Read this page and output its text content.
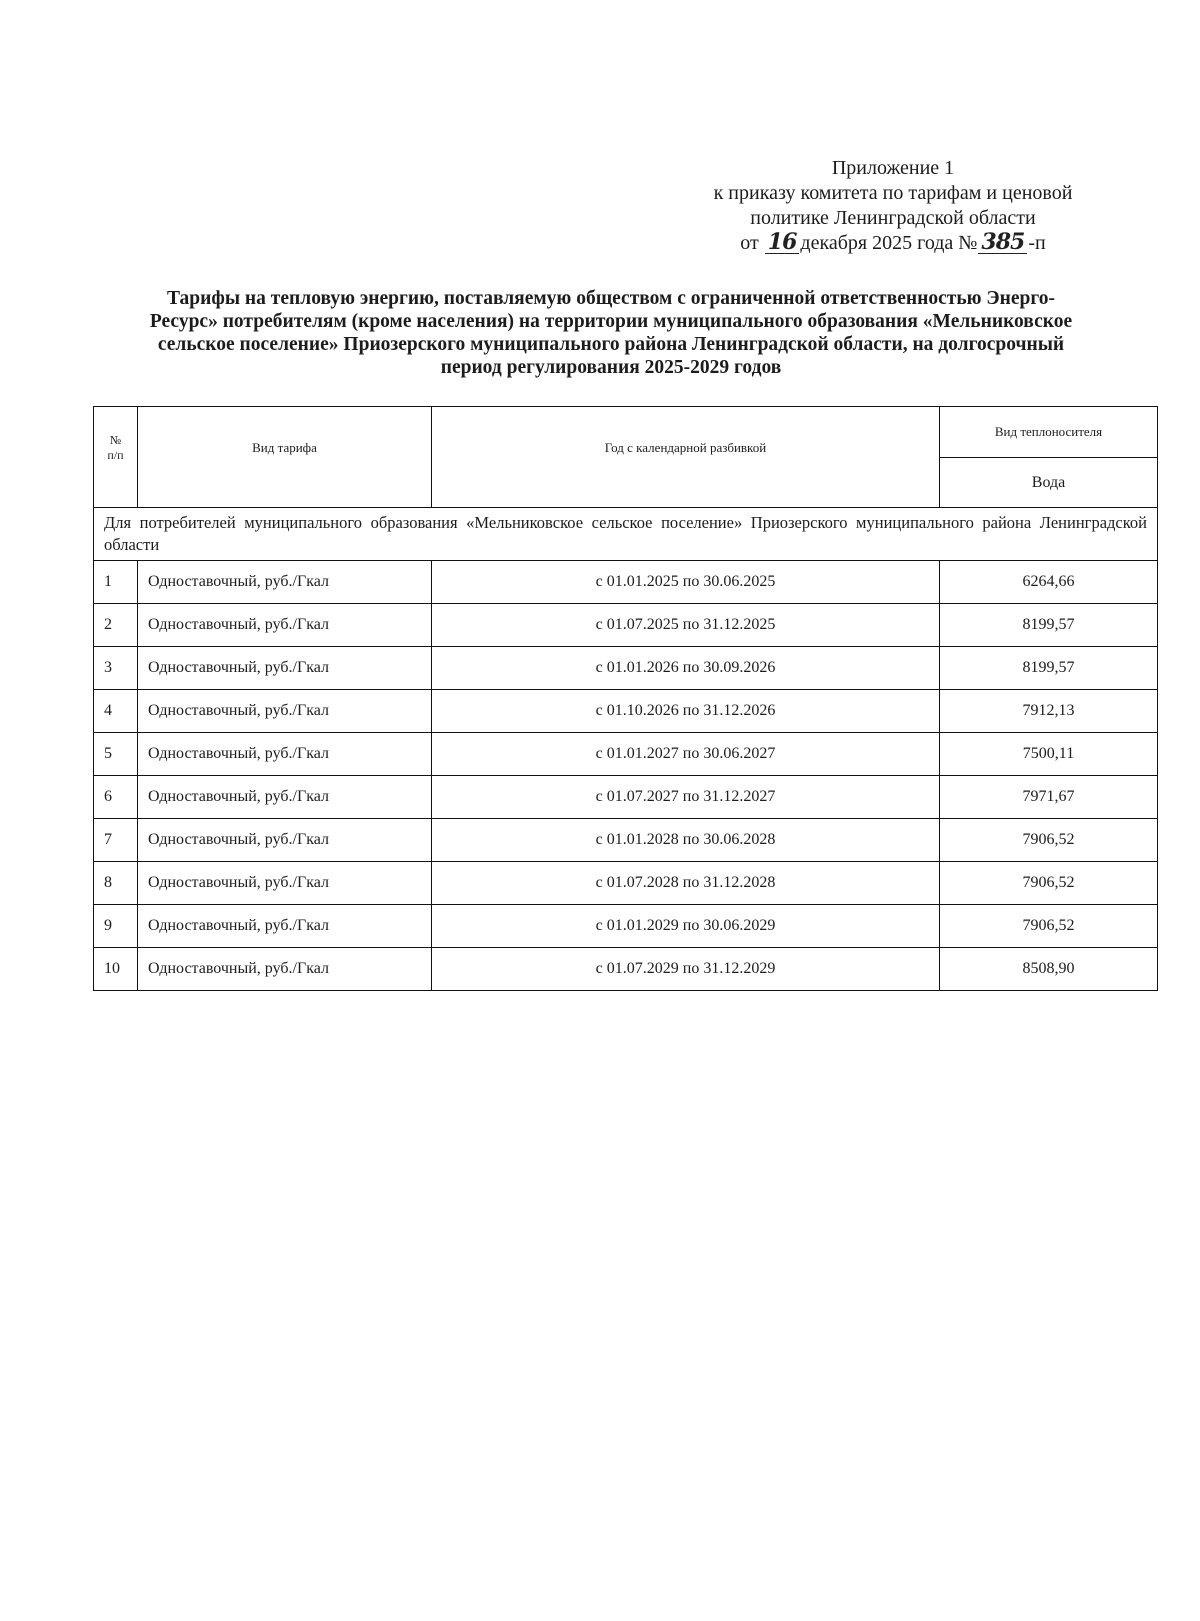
Приложение 1
к приказу комитета по тарифам и ценовой
политике Ленинградской области
от 16 декабря 2025 года № 385 -п
Тарифы на тепловую энергию, поставляемую обществом с ограниченной ответственностью Энерго-
Ресурс» потребителям (кроме населения) на территории муниципального образования «Мельниковское
сельское поселение» Приозерского муниципального района Ленинградской области, на долгосрочный
период регулирования 2025-2029 годов
№
п/п	Вид тарифа	Год с календарной разбивкой	Вид теплоносителя
			Вода
Для потребителей муниципального образования «Мельниковское сельское поселение» Приозерского муниципального района Ленинградской области			
1	Одноставочный, руб./Гкал	с 01.01.2025 по 30.06.2025	6264,66
2	Одноставочный, руб./Гкал	с 01.07.2025 по 31.12.2025	8199,57
3	Одноставочный, руб./Гкал	с 01.01.2026 по 30.09.2026	8199,57
4	Одноставочный, руб./Гкал	с 01.10.2026 по 31.12.2026	7912,13
5	Одноставочный, руб./Гкал	с 01.01.2027 по 30.06.2027	7500,11
6	Одноставочный, руб./Гкал	с 01.07.2027 по 31.12.2027	7971,67
7	Одноставочный, руб./Гкал	с 01.01.2028 по 30.06.2028	7906,52
8	Одноставочный, руб./Гкал	с 01.07.2028 по 31.12.2028	7906,52
9	Одноставочный, руб./Гкал	с 01.01.2029 по 30.06.2029	7906,52
10	Одноставочный, руб./Гкал	с 01.07.2029 по 31.12.2029	8508,90
